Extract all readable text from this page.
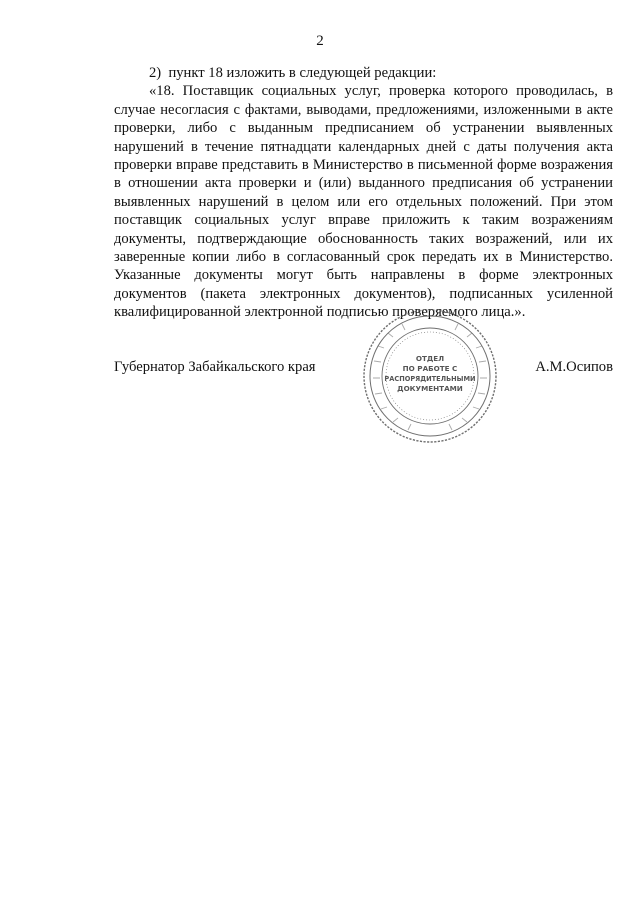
2

2)  пункт 18 изложить в следующей редакции:

«18. Поставщик социальных услуг, проверка которого проводилась, в случае несогласия с фактами, выводами, предложениями, изложенными в акте проверки, либо с выданным предписанием об устранении выявленных нарушений в течение пятнадцати календарных дней с даты получения акта проверки вправе представить в Министерство в письменной форме возражения в отношении акта проверки и (или) выданного предписания об устранении выявленных нарушений в целом или его отдельных положений. При этом поставщик социальных услуг вправе приложить к таким возражениям документы, подтверждающие обоснованность таких возражений, или их заверенные копии либо в согласованный срок передать их в Министерство. Указанные документы могут быть направлены в форме электронных документов (пакета электронных документов), подписанных усиленной квалифицированной электронной подписью проверяемого лица.».

Губернатор Забайкальского края	А.М.Осипов
ОТДЕЛ
ПО РАБОТЕ С
РАСПОРЯДИТЕЛЬНЫМИ
ДОКУМЕНТАМИ
